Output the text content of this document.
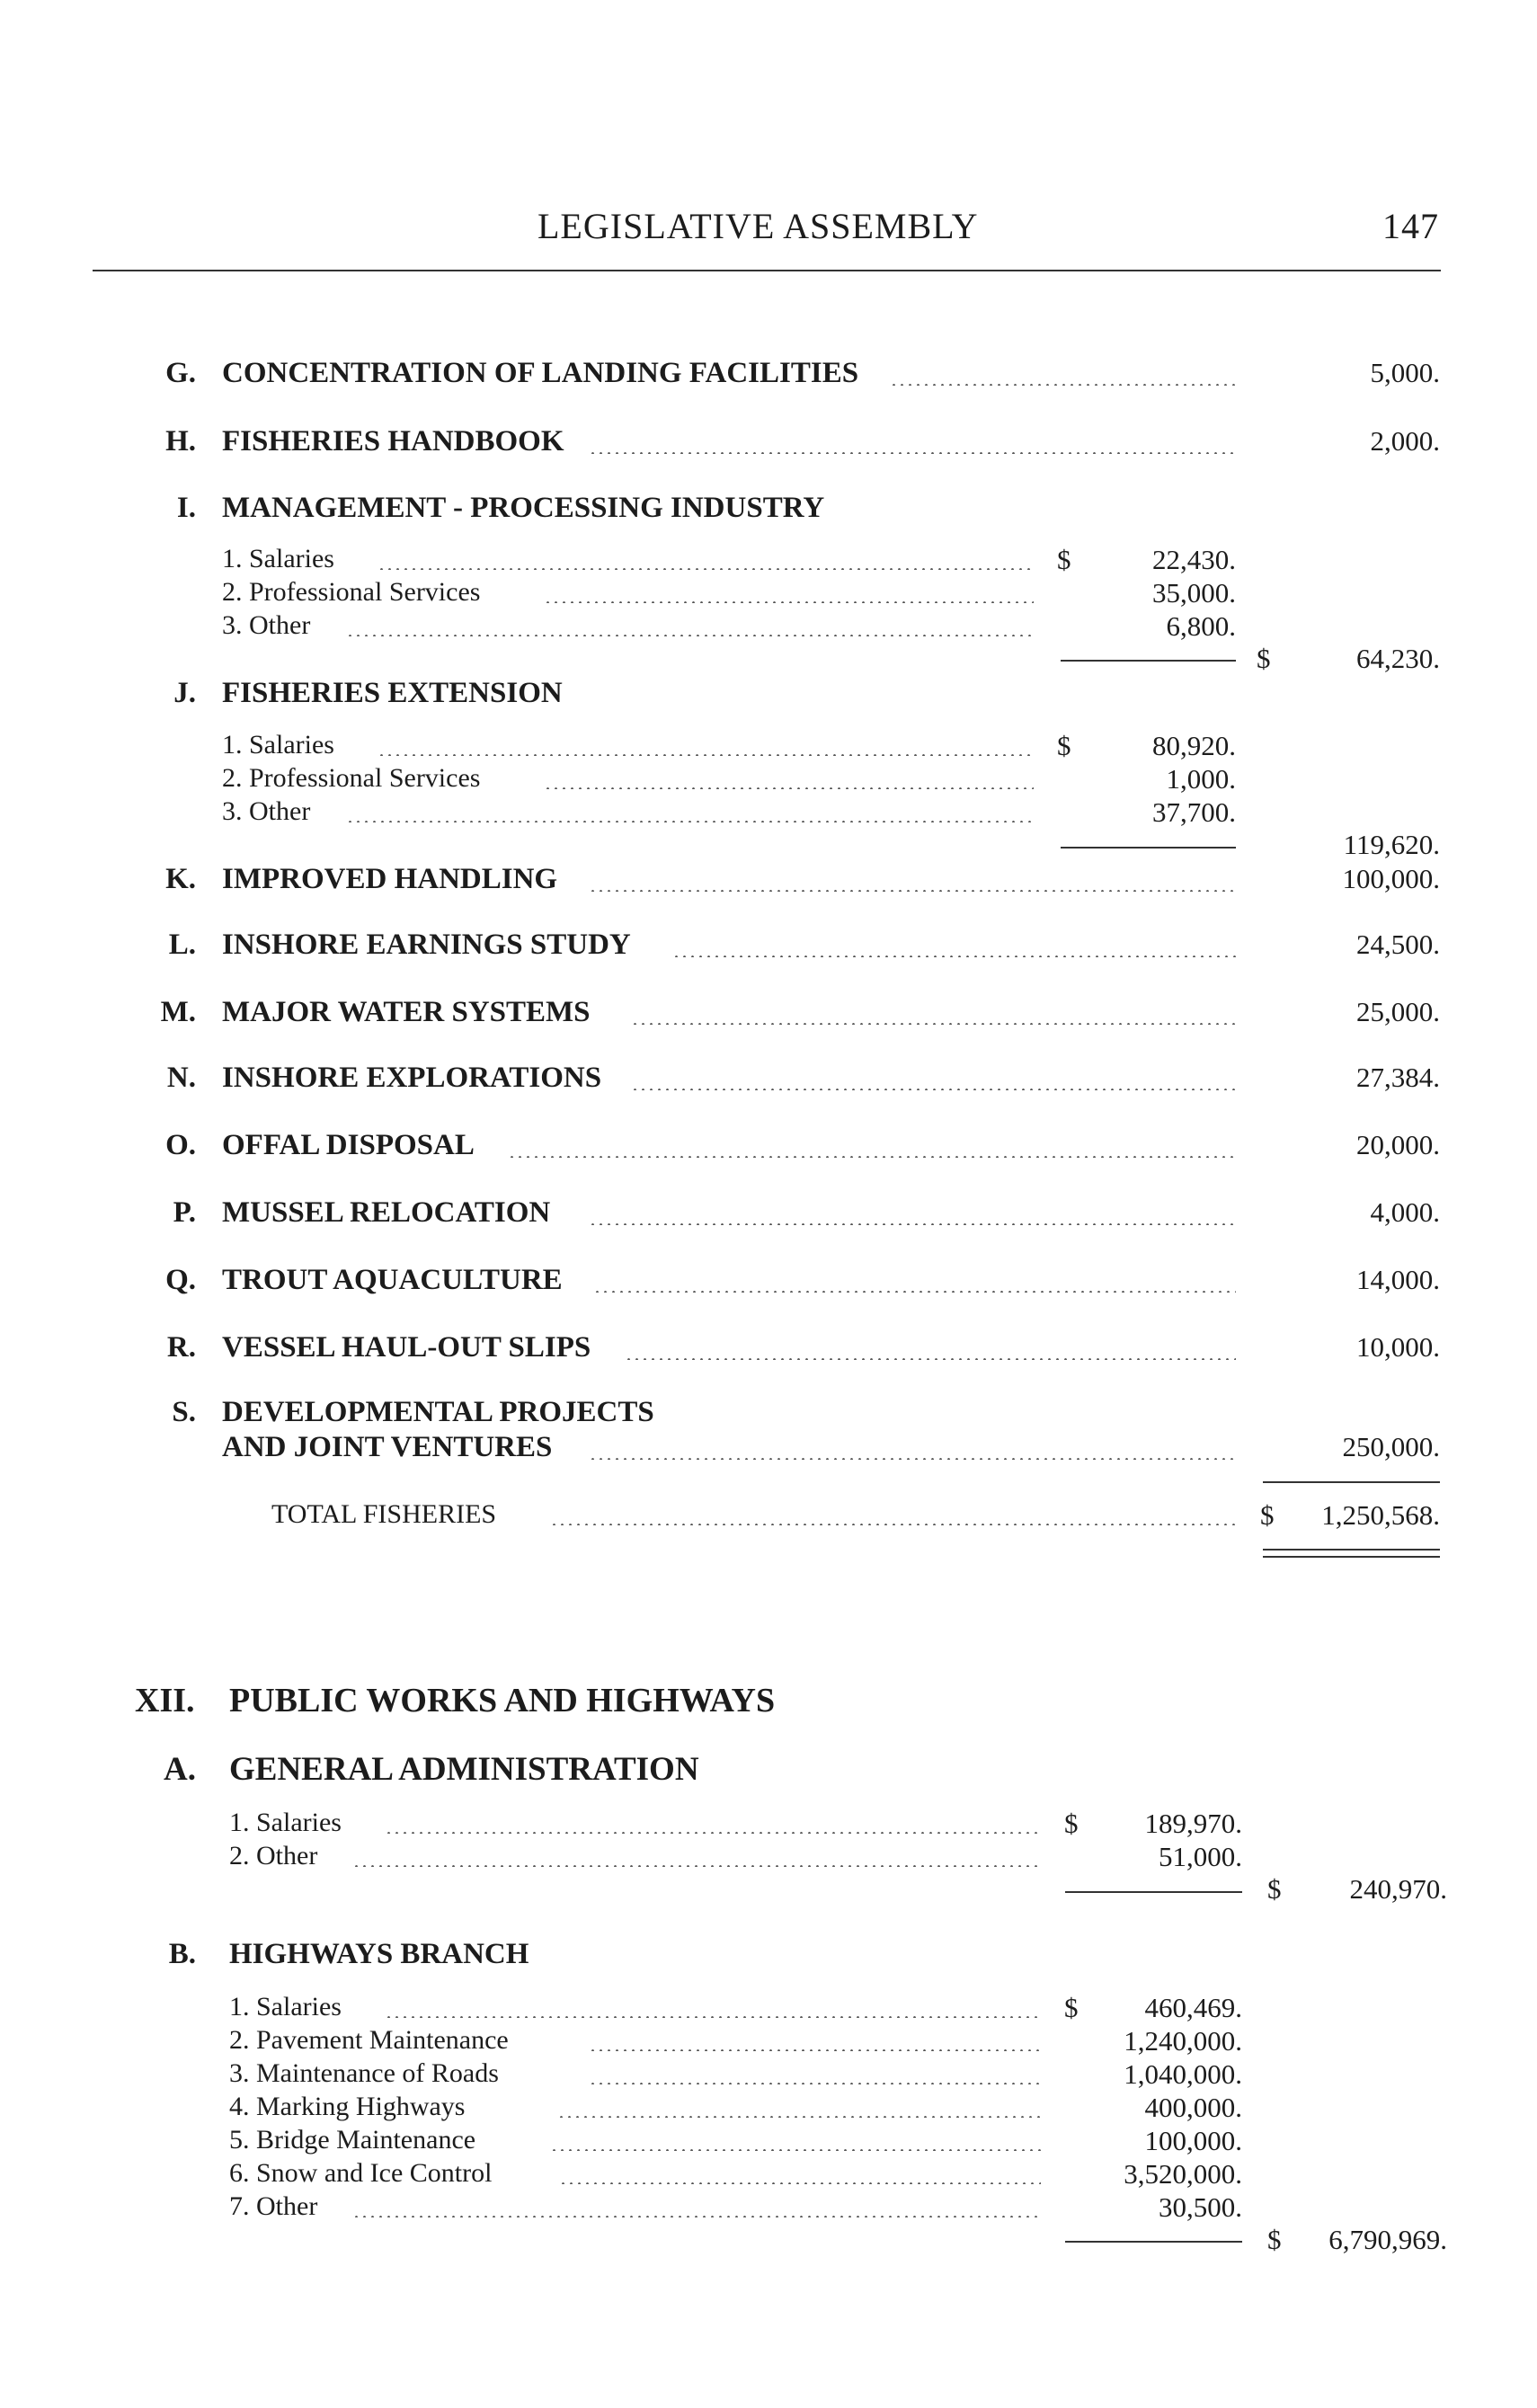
LEGISLATIVE ASSEMBLY	147
G. CONCENTRATION OF LANDING FACILITIES	5,000.
H. FISHERIES HANDBOOK	2,000.
I. MANAGEMENT - PROCESSING INDUSTRY
1. Salaries	$	22,430.
2. Professional Services	35,000.
3. Other	6,800.
$	64,230.
J. FISHERIES EXTENSION
1. Salaries	$	80,920.
2. Professional Services	1,000.
3. Other	37,700.
119,620.
K. IMPROVED HANDLING	100,000.
L. INSHORE EARNINGS STUDY	24,500.
M. MAJOR WATER SYSTEMS	25,000.
N. INSHORE EXPLORATIONS	27,384.
O. OFFAL DISPOSAL	20,000.
P. MUSSEL RELOCATION	4,000.
Q. TROUT AQUACULTURE	14,000.
R. VESSEL HAUL-OUT SLIPS	10,000.
S. DEVELOPMENTAL PROJECTS
AND JOINT VENTURES	250,000.
TOTAL FISHERIES	$ 1,250,568.
XII. PUBLIC WORKS AND HIGHWAYS
A. GENERAL ADMINISTRATION
1. Salaries	$ 189,970.
2. Other	51,000.
$ 240,970.
B. HIGHWAYS BRANCH
1. Salaries	$ 460,469.
2. Pavement Maintenance	1,240,000.
3. Maintenance of Roads	1,040,000.
4. Marking Highways	400,000.
5. Bridge Maintenance	100,000.
6. Snow and Ice Control	3,520,000.
7. Other	30,500.
$ 6,790,969.
